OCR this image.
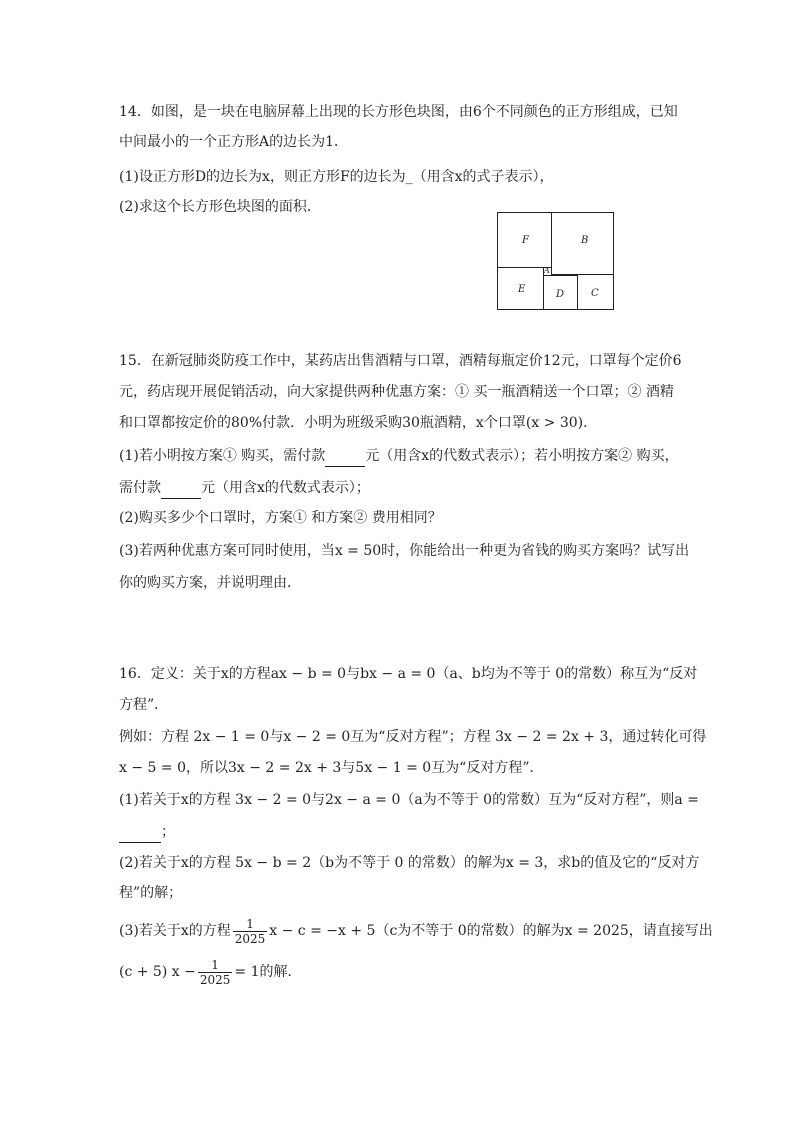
14．如图，是一块在电脑屏幕上出现的长方形色块图，由6个不同颜色的正方形组成，已知
中间最小的一个正方形A的边长为1．
(1)设正方形D的边长为x，则正方形F的边长为_（用含x的式子表示），
(2)求这个长方形色块图的面积．
F	B
E
A
D	C
15．在新冠肺炎防疫工作中，某药店出售酒精与口罩，酒精每瓶定价12元，口罩每个定价6
元，药店现开展促销活动，向大家提供两种优惠方案：① 买一瓶酒精送一个口罩；② 酒精
和口罩都按定价的80%付款．小明为班级采购30瓶酒精，x个口罩(x > 30)．
(1)若小明按方案① 购买，需付款	元（用含x的代数式表示）；若小明按方案② 购买，
需付款	元（用含x的代数式表示）；
(2)购买多少个口罩时，方案① 和方案② 费用相同？
(3)若两种优惠方案可同时使用，当x = 50时，你能给出一种更为省钱的购买方案吗？试写出
你的购买方案，并说明理由．
16．定义：关于x的方程ax − b = 0与bx − a = 0（a、b均为不等于 0的常数）称互为“反对
方程”．
例如：方程 2x − 1 = 0与x − 2 = 0互为“反对方程”；方程 3x − 2 = 2x + 3，通过转化可得
x − 5 = 0，所以3x − 2 = 2x + 3与5x − 1 = 0互为“反对方程”．
(1)若关于x的方程 3x − 2 = 0与2x − a = 0（a为不等于 0的常数）互为“反对方程”，则a =
；
(2)若关于x的方程 5x − b = 2（b为不等于 0 的常数）的解为x = 3，求b的值及它的“反对方
程”的解；
(3)若关于x的方程 $\frac{1}{2025}$ x − c = −x + 5（c为不等于 0的常数）的解为x = 2025，请直接写出
(c + 5) $x - \frac{1}{2025} = 1$的解．
